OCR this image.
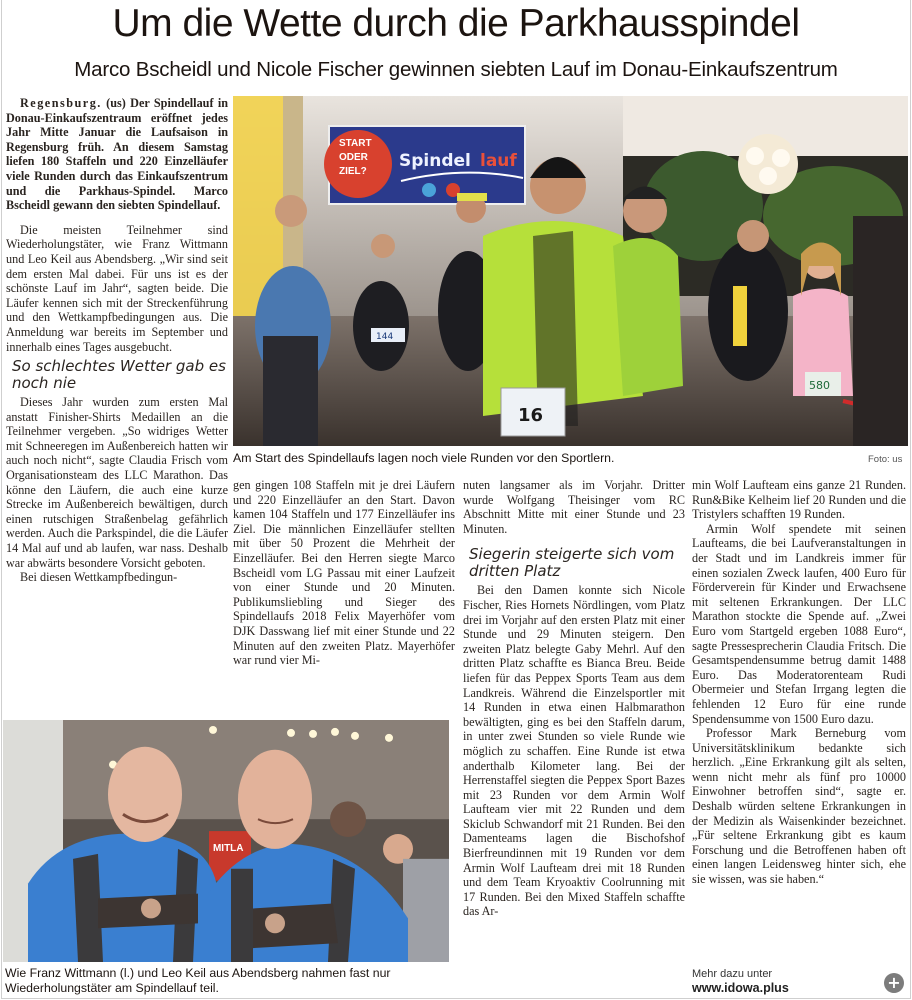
Um die Wette durch die Parkhausspindel
Marco Bscheidl und Nicole Fischer gewinnen siebten Lauf im Donau-Einkaufszentrum

Regensburg. (us) Der Spindellauf in Donau-Einkaufszentraum eröffnet jedes Jahr Mitte Januar die Laufsaison in Regensburg früh. An diesem Samstag liefen 180 Staffeln und 220 Einzelläufer viele Runden durch das Einkaufszentrum und die Parkhaus-Spindel. Marco Bscheidl gewann den siebten Spindellauf.

Die meisten Teilnehmer sind Wiederholungstäter, wie Franz Wittmann und Leo Keil aus Abendsberg. „Wir sind seit dem ersten Mal dabei. Für uns ist es der schönste Lauf im Jahr“, sagten beide. Die Läufer kennen sich mit der Streckenführung und den Wettkampfbedingungen aus. Die Anmeldung war bereits im September und innerhalb eines Tages ausgebucht.

So schlechtes Wetter gab es noch nie

Dieses Jahr wurden zum ersten Mal anstatt Finisher-Shirts Medaillen an die Teilnehmer vergeben. „So widriges Wetter mit Schneeregen im Außenbereich hatten wir auch noch nicht“, sagte Claudia Frisch vom Organisationsteam des LLC Marathon. Das könne den Läufern, die auch eine kurze Strecke im Außenbereich bewältigen, durch einen rutschigen Straßenbelag gefährlich werden. Auch die Parkspindel, die die Läufer 14 Mal auf und ab laufen, war nass. Deshalb war abwärts besondere Vorsicht geboten.

Bei diesen Wettkampfbedingun-

START
ODER
ZIEL?
Spindel lauf
144
16
580
Am Start des Spindellaufs lagen noch viele Runden vor den Sportlern.	Foto: us

gen gingen 108 Staffeln mit je drei Läufern und 220 Einzelläufer an den Start. Davon kamen 104 Staffeln und 177 Einzelläufer ins Ziel. Die männlichen Einzelläufer stellten mit über 50 Prozent die Mehrheit der Einzelläufer. Bei den Herren siegte Marco Bscheidl vom LG Passau mit einer Laufzeit von einer Stunde und 20 Minuten. Publikumsliebling und Sieger des Spindellaufs 2018 Felix Mayerhöfer vom DJK Dasswang lief mit einer Stunde und 22 Minuten auf den zweiten Platz. Mayerhöfer war rund vier Mi-

nuten langsamer als im Vorjahr. Dritter wurde Wolfgang Theisinger vom RC Abschnitt Mitte mit einer Stunde und 23 Minuten.

Siegerin steigerte sich vom dritten Platz

Bei den Damen konnte sich Nicole Fischer, Ries Hornets Nördlingen, vom Platz drei im Vorjahr auf den ersten Platz mit einer Stunde und 29 Minuten steigern. Den zweiten Platz belegte Gaby Mehrl. Auf den dritten Platz schaffte es Bianca Breu. Beide liefen für das Peppex Sports Team aus dem Landkreis. Während die Einzelsportler mit 14 Runden in etwa einen Halbmarathon bewältigten, ging es bei den Staffeln darum, in unter zwei Stunden so viele Runde wie möglich zu schaffen. Eine Runde ist etwa anderthalb Kilometer lang. Bei der Herrenstaffel siegten die Peppex Sport Bazes mit 23 Runden vor dem Armin Wolf Laufteam vier mit 22 Runden und dem Skiclub Schwandorf mit 21 Runden. Bei den Damenteams lagen die Bischofshof Bierfreundinnen mit 19 Runden vor dem Armin Wolf Laufteam drei mit 18 Runden und dem Team Kryoaktiv Coolrunning mit 17 Runden. Bei den Mixed Staffeln schaffte das Ar-

min Wolf Laufteam eins ganze 21 Runden. Run&Bike Kelheim lief 20 Runden und die Tristylers schafften 19 Runden.

Armin Wolf spendete mit seinen Laufteams, die bei Laufveranstaltungen in der Stadt und im Landkreis immer für einen sozialen Zweck laufen, 400 Euro für Förderverein für Kinder und Erwachsene mit seltenen Erkrankungen. Der LLC Marathon stockte die Spende auf. „Zwei Euro vom Startgeld ergeben 1088 Euro“, sagte Pressesprecherin Claudia Fritsch. Die Gesamtspendensumme betrug damit 1488 Euro. Das Moderatorenteam Rudi Obermeier und Stefan Irrgang legten die fehlenden 12 Euro für eine runde Spendensumme von 1500 Euro dazu.

Professor Mark Berneburg vom Universitätsklinikum bedankte sich herzlich. „Eine Erkrankung gilt als selten, wenn nicht mehr als fünf pro 10000 Einwohner betroffen sind“, sagte er. Deshalb würden seltene Erkrankungen in der Medizin als Waisenkinder bezeichnet. „Für seltene Erkrankung gibt es kaum Forschung und die Betroffenen haben oft einen langen Leidensweg hinter sich, ehe sie wissen, was sie haben.“

MITLA
Wie Franz Wittmann (l.) und Leo Keil aus Abendsberg nahmen fast nur Wiederholungstäter am Spindellauf teil.
Mehr dazu unter
www.idowa.plus	+
